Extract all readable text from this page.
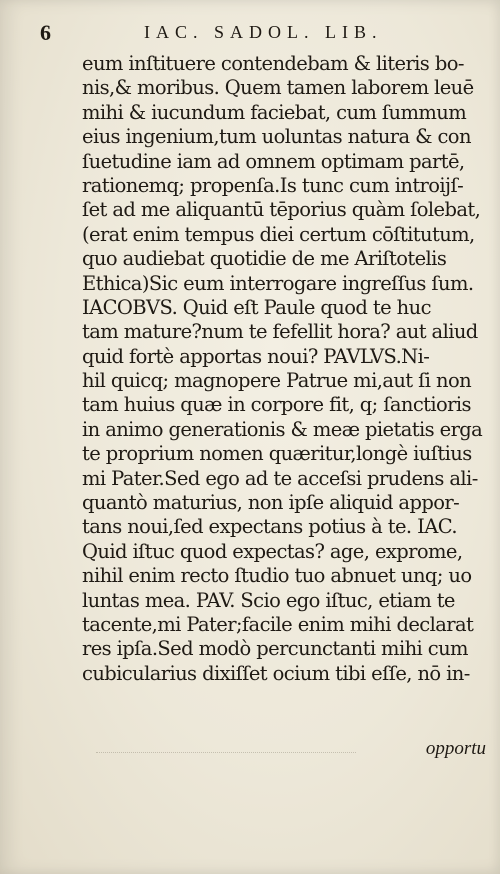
6	IAC. SADOL. LIB.
eum inſtituere contendebam & literis bo-
nis,& moribus. Quem tamen laborem leuē
mihi & iucundum faciebat, cum ſummum
eius ingenium,tum uoluntas natura & con
ſuetudine iam ad omnem optimam partē,
rationemq; propenſa.Is tunc cum introijſ-
ſet ad me aliquantū tēporius quàm ſolebat,
(erat enim tempus diei certum cōſtitutum,
quo audiebat quotidie de me Ariſtotelis
Ethica)Sic eum interrogare ingreſſus ſum.
IACOBVS. Quid eſt Paule quod te huc
tam mature?num te fefellit hora? aut aliud
quid fortè apportas noui? PAVLVS.Ni-
hil quicq; magnopere Patrue mi,aut ſi non
tam huius quæ in corpore fit, q; ſanctioris
in animo generationis & meæ pietatis erga
te proprium nomen quæritur,longè iuſtius
mi Pater.Sed ego ad te acceſsi prudens ali-
quantò maturius, non ipſe aliquid appor-
tans noui,ſed expectans potius à te. IAC.
Quid iſtuc quod expectas? age, exprome,
nihil enim recto ſtudio tuo abnuet unq; uo
luntas mea. PAV. Scio ego iſtuc, etiam te
tacente,mi Pater;facile enim mihi declarat
res ipſa.Sed modò percunctanti mihi cum
cubicularius dixiſſet ocium tibi eſſe, nō in-
opportu
